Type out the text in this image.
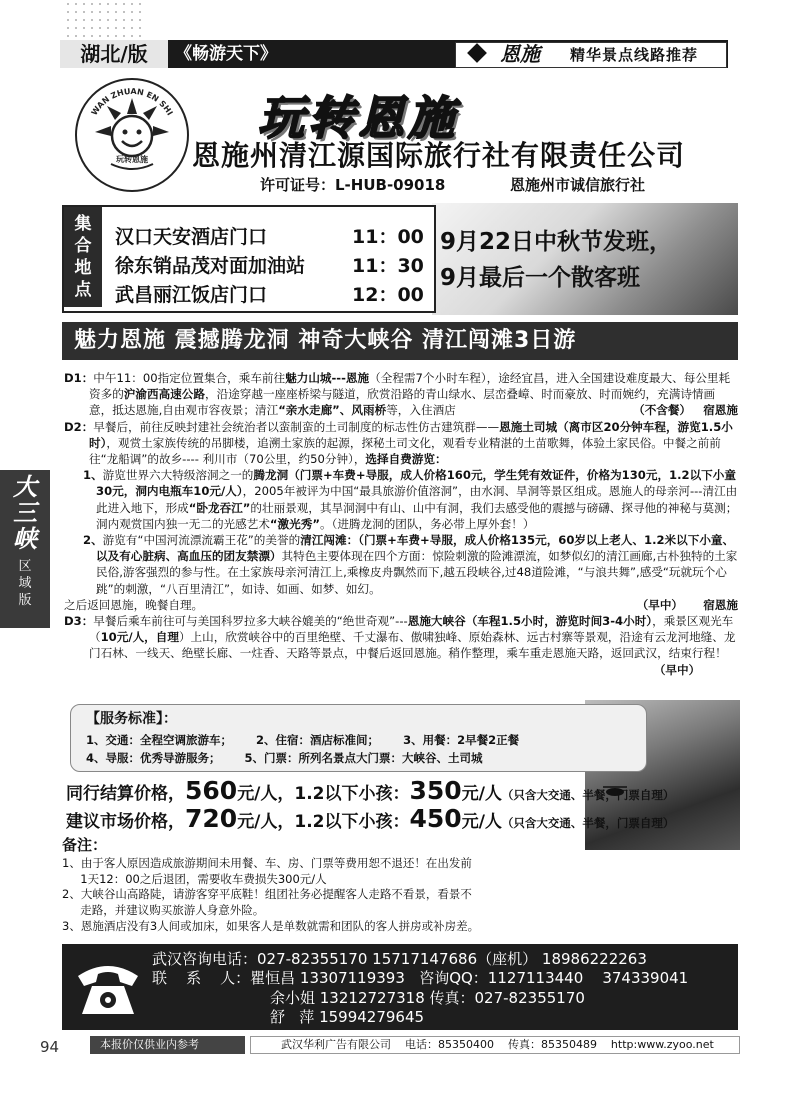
湖北/版	《畅游天下》	恩施 精华景点线路推荐
玩转恩施
WAN ZHUAN EN SHI 玩转恩施
恩施州清江源国际旅行社有限责任公司
许可证号：L-HUB-09018	恩施州市诚信旅行社
集
合
地
点
汉口天安酒店门口	11：00
徐东销品茂对面加油站 11：30
武昌丽江饭店门口	12：00
9月22日中秋节发班，
9月最后一个散客班
魅力恩施 震撼腾龙洞 神奇大峡谷 清江闯滩3日游
大
三
峡
区
域
版

D1：中午11：00指定位置集合，乘车前往魅力山城---恩施（全程需7个小时车程），途经宜昌，进入全国建设难度最大、每公里耗资多的沪渝西高速公路，沿途穿越一座座桥梁与隧道，欣赏沿路的青山绿水、层峦叠嶂、时而豪放、时而婉约，充满诗情画意，抵达恩施,自由观市容夜景；清江“亲水走廊”、风雨桥等，入住酒店	（不含餐） 宿恩施

D2：早餐后，前往反映封建社会统治者以蛮制蛮的土司制度的标志性仿古建筑群——恩施土司城（离市区20分钟车程，游览1.5小时），观赏土家族传统的吊脚楼，追溯土家族的起源，探秘土司文化，观看专业精湛的土苗歌舞，体验土家民俗。中餐之前前往“龙船调”的故乡---- 利川市（70公里，约50分钟），选择自费游览：

1、游览世界六大特级溶洞之一的腾龙洞（门票+车费+导服，成人价格160元，学生凭有效证件，价格为130元，1.2以下小童30元，洞内电瓶车10元/人），2005年被评为中国“最具旅游价值溶洞”，由水洞、旱洞等景区组成。恩施人的母亲河---清江由此进入地下，形成“卧龙吞江”的壮丽景观，其旱洞洞中有山、山中有洞，我们去感受他的震撼与磅礴、探寻他的神秘与莫测；洞内观赏国内独一无二的光感艺术“激光秀”。（进腾龙洞的团队，务必带上厚外套！）

2、游览有“中国河流漂流霸王花”的美誉的清江闯滩：（门票+车费+导服，成人价格135元，60岁以上老人、1.2米以下小童、以及有心脏病、高血压的团友禁漂）其特色主要体现在四个方面：惊险刺激的险滩漂流，如梦似幻的清江画廊,古朴独特的土家民俗,游客强烈的参与性。在土家族母亲河清江上,乘橡皮舟飘然而下,越五段峡谷,过48道险滩，“与浪共舞”,感受“玩就玩个心跳”的刺激，“八百里清江”，如诗、如画、如梦、如幻。

之后返回恩施，晚餐自理。	（早中） 宿恩施

D3：早餐后乘车前往可与美国科罗拉多大峡谷媲美的“绝世奇观”---恩施大峡谷（车程1.5小时，游览时间3-4小时），乘景区观光车（10元/人，自理）上山，欣赏峡谷中的百里绝壁、千丈瀑布、傲啸独峰、原始森林、远古村寨等景观，沿途有云龙河地缝、龙门石林、一线天、绝壁长廊、一炷香、天路等景点，中餐后返回恩施。稍作整理，乘车重走恩施天路，返回武汉，结束行程！
（早中）

【服务标准】：
1、交通：全程空调旅游车； 2、住宿：酒店标准间； 3、用餐：2早餐2正餐
4、导服：优秀导游服务； 5、门票：所列名景点大门票：大峡谷、土司城
同行结算价格，560元/人，1.2以下小孩：350元/人（只含大交通、半餐，门票自理）
建议市场价格，720元/人，1.2以下小孩：450元/人（只含大交通、半餐，门票自理）

备注：

1、由于客人原因造成旅游期间未用餐、车、房、门票等费用恕不退还！在出发前

1天12：00之后退团，需要收车费损失300元/人

2、大峡谷山高路陡，请游客穿平底鞋！组团社务必提醒客人走路不看景，看景不

走路，并建议购买旅游人身意外险。

3、恩施酒店没有3人间或加床，如果客人是单数就需和团队的客人拼房或补房差。

武汉咨询电话：027-82355170 15717147686（座机） 18986222263
联    系    人：瞿恒昌 13307119393   咨询QQ：1127113440    374339041
余小姐 13212727318 传真：027-82355170
舒   萍 15994279645
94	本报价仅供业内参考	武汉华利广告有限公司    电话：85350400    传真：85350489    http:www.zyoo.net
